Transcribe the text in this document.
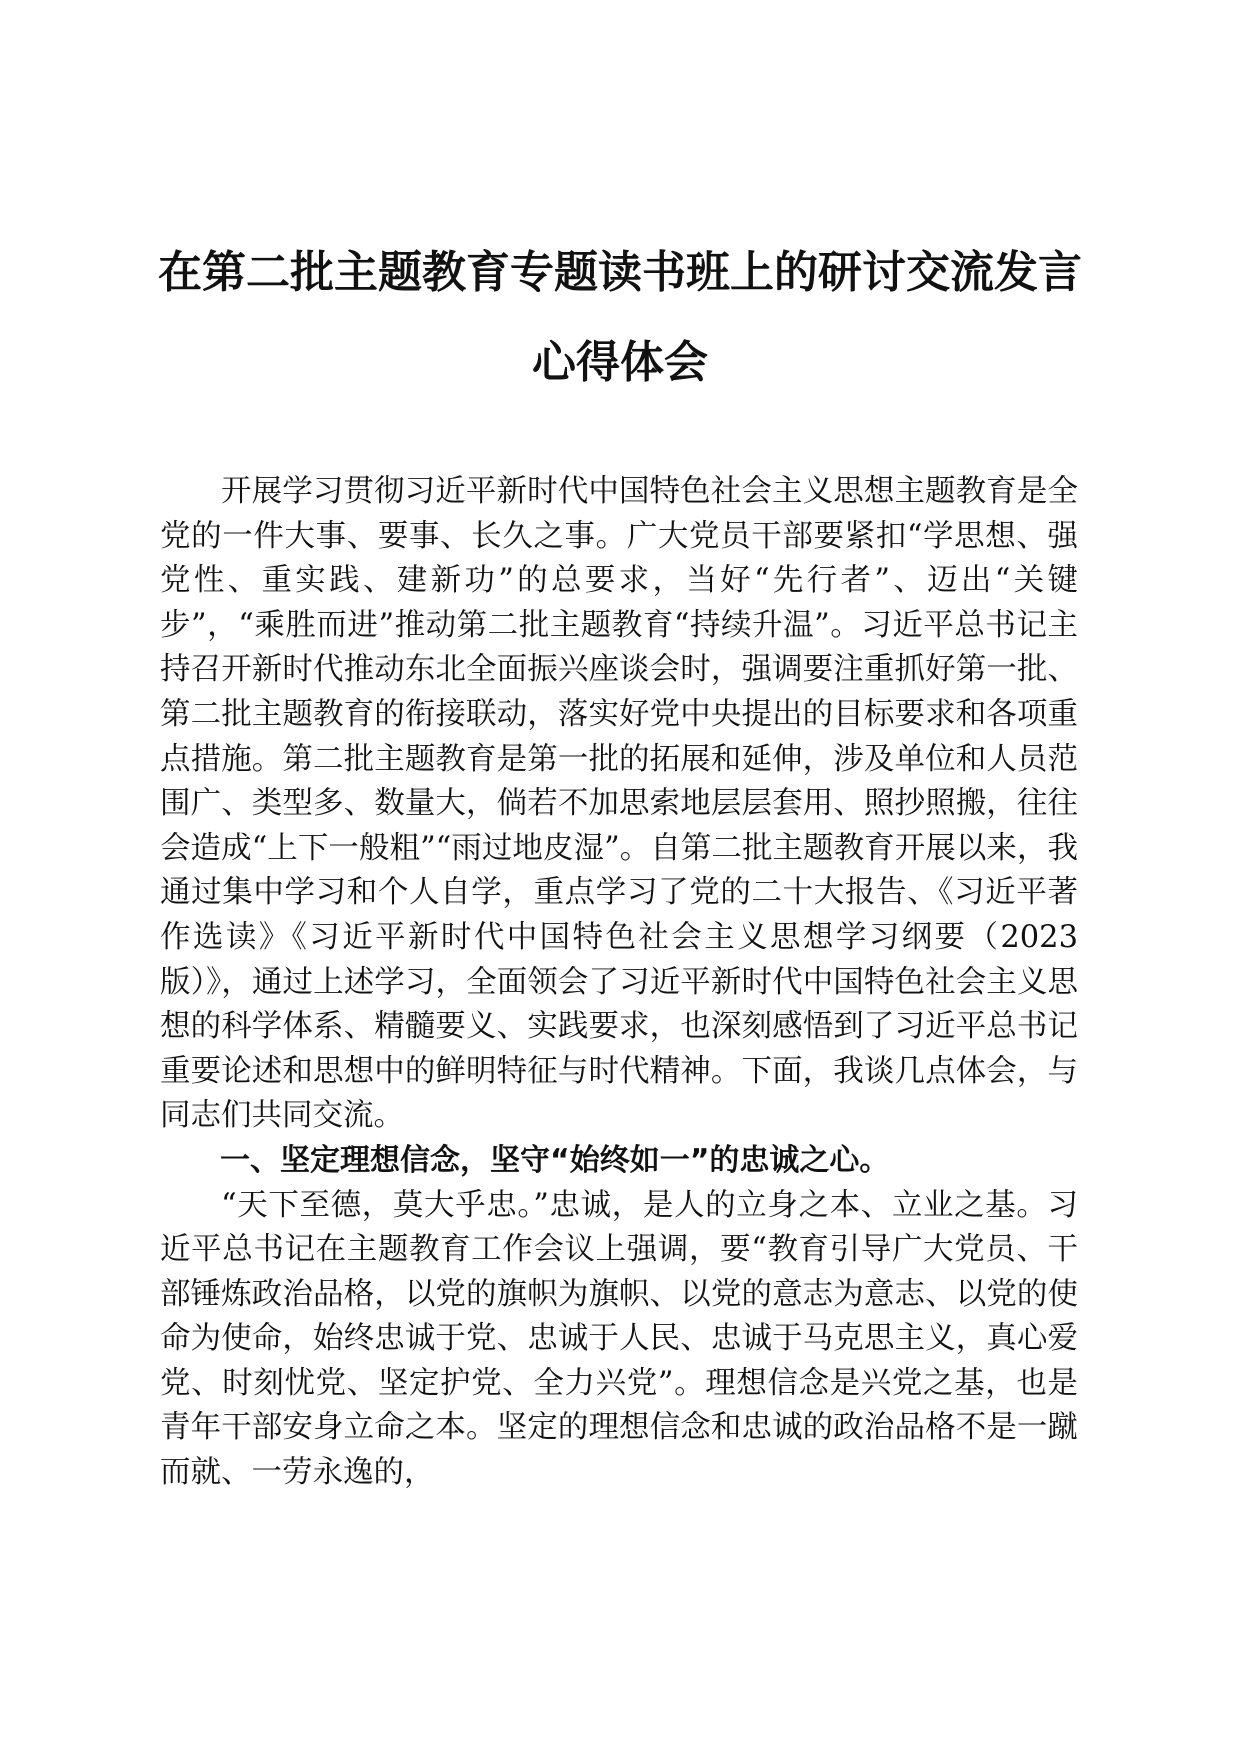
在第二批主题教育专题读书班上的研讨交流发言心得体会

开展学习贯彻习近平新时代中国特色社会主义思想主题教育是全党的一件大事、要事、长久之事。广大党员干部要紧扣“学思想、强党性、重实践、建新功”的总要求，当好“先行者”、迈出“关键步”，“乘胜而进”推动第二批主题教育“持续升温”。习近平总书记主持召开新时代推动东北全面振兴座谈会时，强调要注重抓好第一批、第二批主题教育的衔接联动，落实好党中央提出的目标要求和各项重点措施。第二批主题教育是第一批的拓展和延伸，涉及单位和人员范围广、类型多、数量大，倘若不加思索地层层套用、照抄照搬，往往会造成“上下一般粗”“雨过地皮湿”。自第二批主题教育开展以来，我通过集中学习和个人自学，重点学习了党的二十大报告、《习近平著作选读》《习近平新时代中国特色社会主义思想学习纲要（2023版）》，通过上述学习，全面领会了习近平新时代中国特色社会主义思想的科学体系、精髓要义、实践要求，也深刻感悟到了习近平总书记重要论述和思想中的鲜明特征与时代精神。下面，我谈几点体会，与同志们共同交流。

一、坚定理想信念，坚守“始终如一”的忠诚之心。

“天下至德，莫大乎忠。”忠诚，是人的立身之本、立业之基。习近平总书记在主题教育工作会议上强调，要“教育引导广大党员、干部锤炼政治品格，以党的旗帜为旗帜、以党的意志为意志、以党的使命为使命，始终忠诚于党、忠诚于人民、忠诚于马克思主义，真心爱党、时刻忧党、坚定护党、全力兴党”。理想信念是兴党之基，也是青年干部安身立命之本。坚定的理想信念和忠诚的政治品格不是一蹴而就、一劳永逸的，
